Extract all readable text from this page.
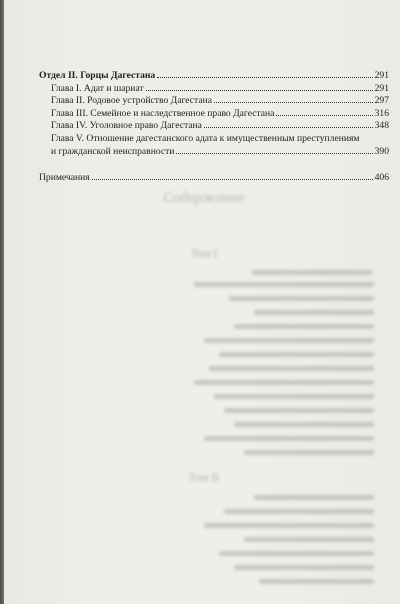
Содержание
Том I
Том II
Отдел II. Горцы Дагестана	291
Глава I. Адат и шариат	291
Глава II. Родовое устройство Дагестана	297
Глава III. Семейное и наследственное право Дагестана	316
Глава IV. Уголовное право Дагестана	348
Глава V. Отношение дагестанского адата к имущественным преступлениям
и гражданской неисправности	390
Примечания	406
